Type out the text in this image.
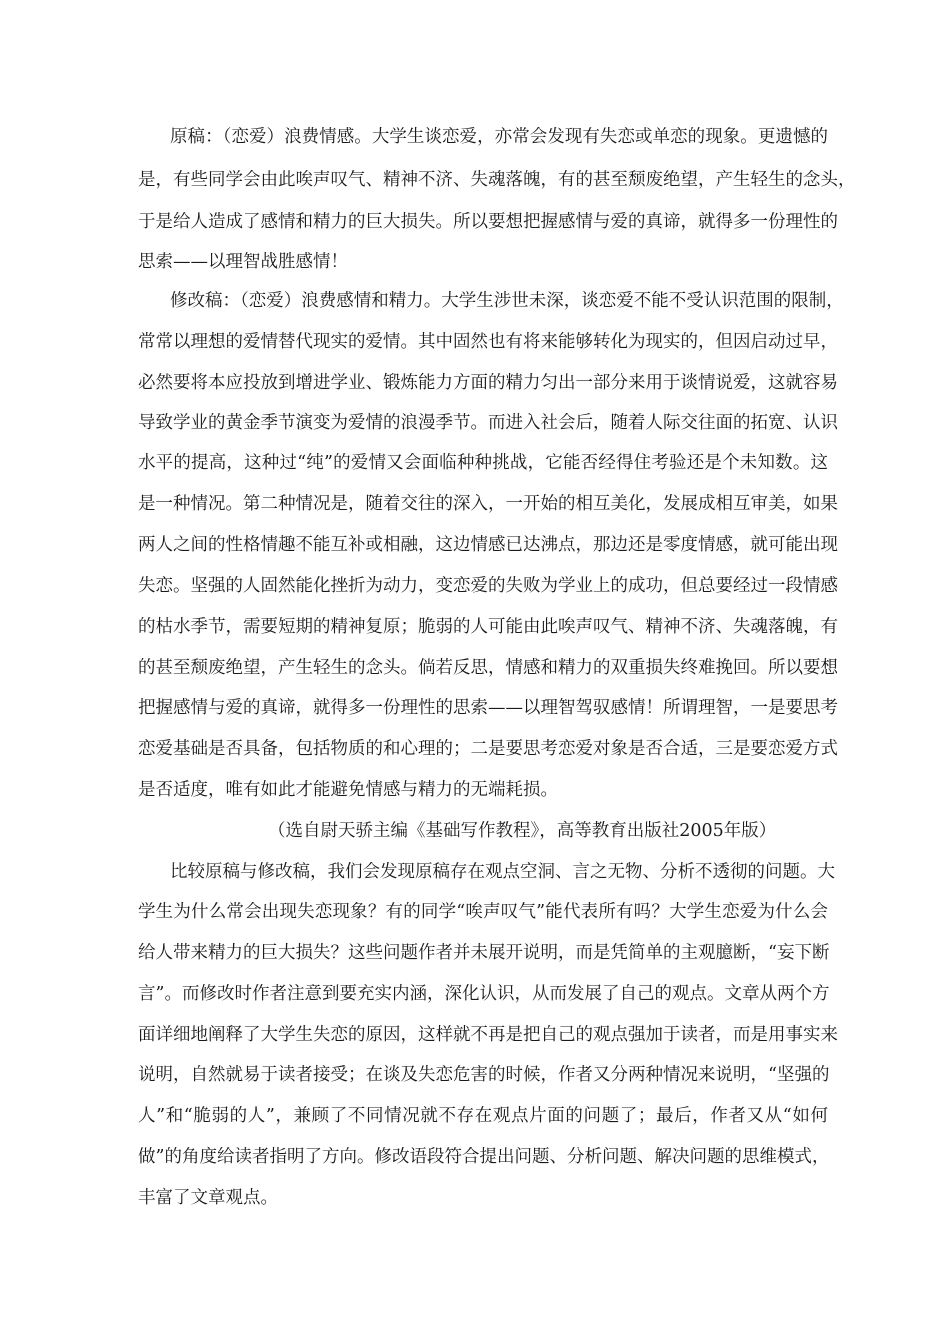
原稿：（恋爱）浪费情感。大学生谈恋爱，亦常会发现有失恋或单恋的现象。更遗憾的
是，有些同学会由此唉声叹气、精神不济、失魂落魄，有的甚至颓废绝望，产生轻生的念头，
于是给人造成了感情和精力的巨大损失。所以要想把握感情与爱的真谛，就得多一份理性的
思索——以理智战胜感情！
修改稿：（恋爱）浪费感情和精力。大学生涉世未深，谈恋爱不能不受认识范围的限制，
常常以理想的爱情替代现实的爱情。其中固然也有将来能够转化为现实的，但因启动过早，
必然要将本应投放到增进学业、锻炼能力方面的精力匀出一部分来用于谈情说爱，这就容易
导致学业的黄金季节演变为爱情的浪漫季节。而进入社会后，随着人际交往面的拓宽、认识
水平的提高，这种过“纯”的爱情又会面临种种挑战，它能否经得住考验还是个未知数。这
是一种情况。第二种情况是，随着交往的深入，一开始的相互美化，发展成相互审美，如果
两人之间的性格情趣不能互补或相融，这边情感已达沸点，那边还是零度情感，就可能出现
失恋。坚强的人固然能化挫折为动力，变恋爱的失败为学业上的成功，但总要经过一段情感
的枯水季节，需要短期的精神复原；脆弱的人可能由此唉声叹气、精神不济、失魂落魄，有
的甚至颓废绝望，产生轻生的念头。倘若反思，情感和精力的双重损失终难挽回。所以要想
把握感情与爱的真谛，就得多一份理性的思索——以理智驾驭感情！所谓理智，一是要思考
恋爱基础是否具备，包括物质的和心理的；二是要思考恋爱对象是否合适，三是要恋爱方式
是否适度，唯有如此才能避免情感与精力的无端耗损。
（选自尉天骄主编《基础写作教程》，高等教育出版社2005年版）
比较原稿与修改稿，我们会发现原稿存在观点空洞、言之无物、分析不透彻的问题。大
学生为什么常会出现失恋现象？有的同学“唉声叹气”能代表所有吗？大学生恋爱为什么会
给人带来精力的巨大损失？这些问题作者并未展开说明，而是凭简单的主观臆断，“妄下断
言”。而修改时作者注意到要充实内涵，深化认识，从而发展了自己的观点。文章从两个方
面详细地阐释了大学生失恋的原因，这样就不再是把自己的观点强加于读者，而是用事实来
说明，自然就易于读者接受；在谈及失恋危害的时候，作者又分两种情况来说明，“坚强的
人”和“脆弱的人”，兼顾了不同情况就不存在观点片面的问题了；最后，作者又从“如何
做”的角度给读者指明了方向。修改语段符合提出问题、分析问题、解决问题的思维模式，
丰富了文章观点。
